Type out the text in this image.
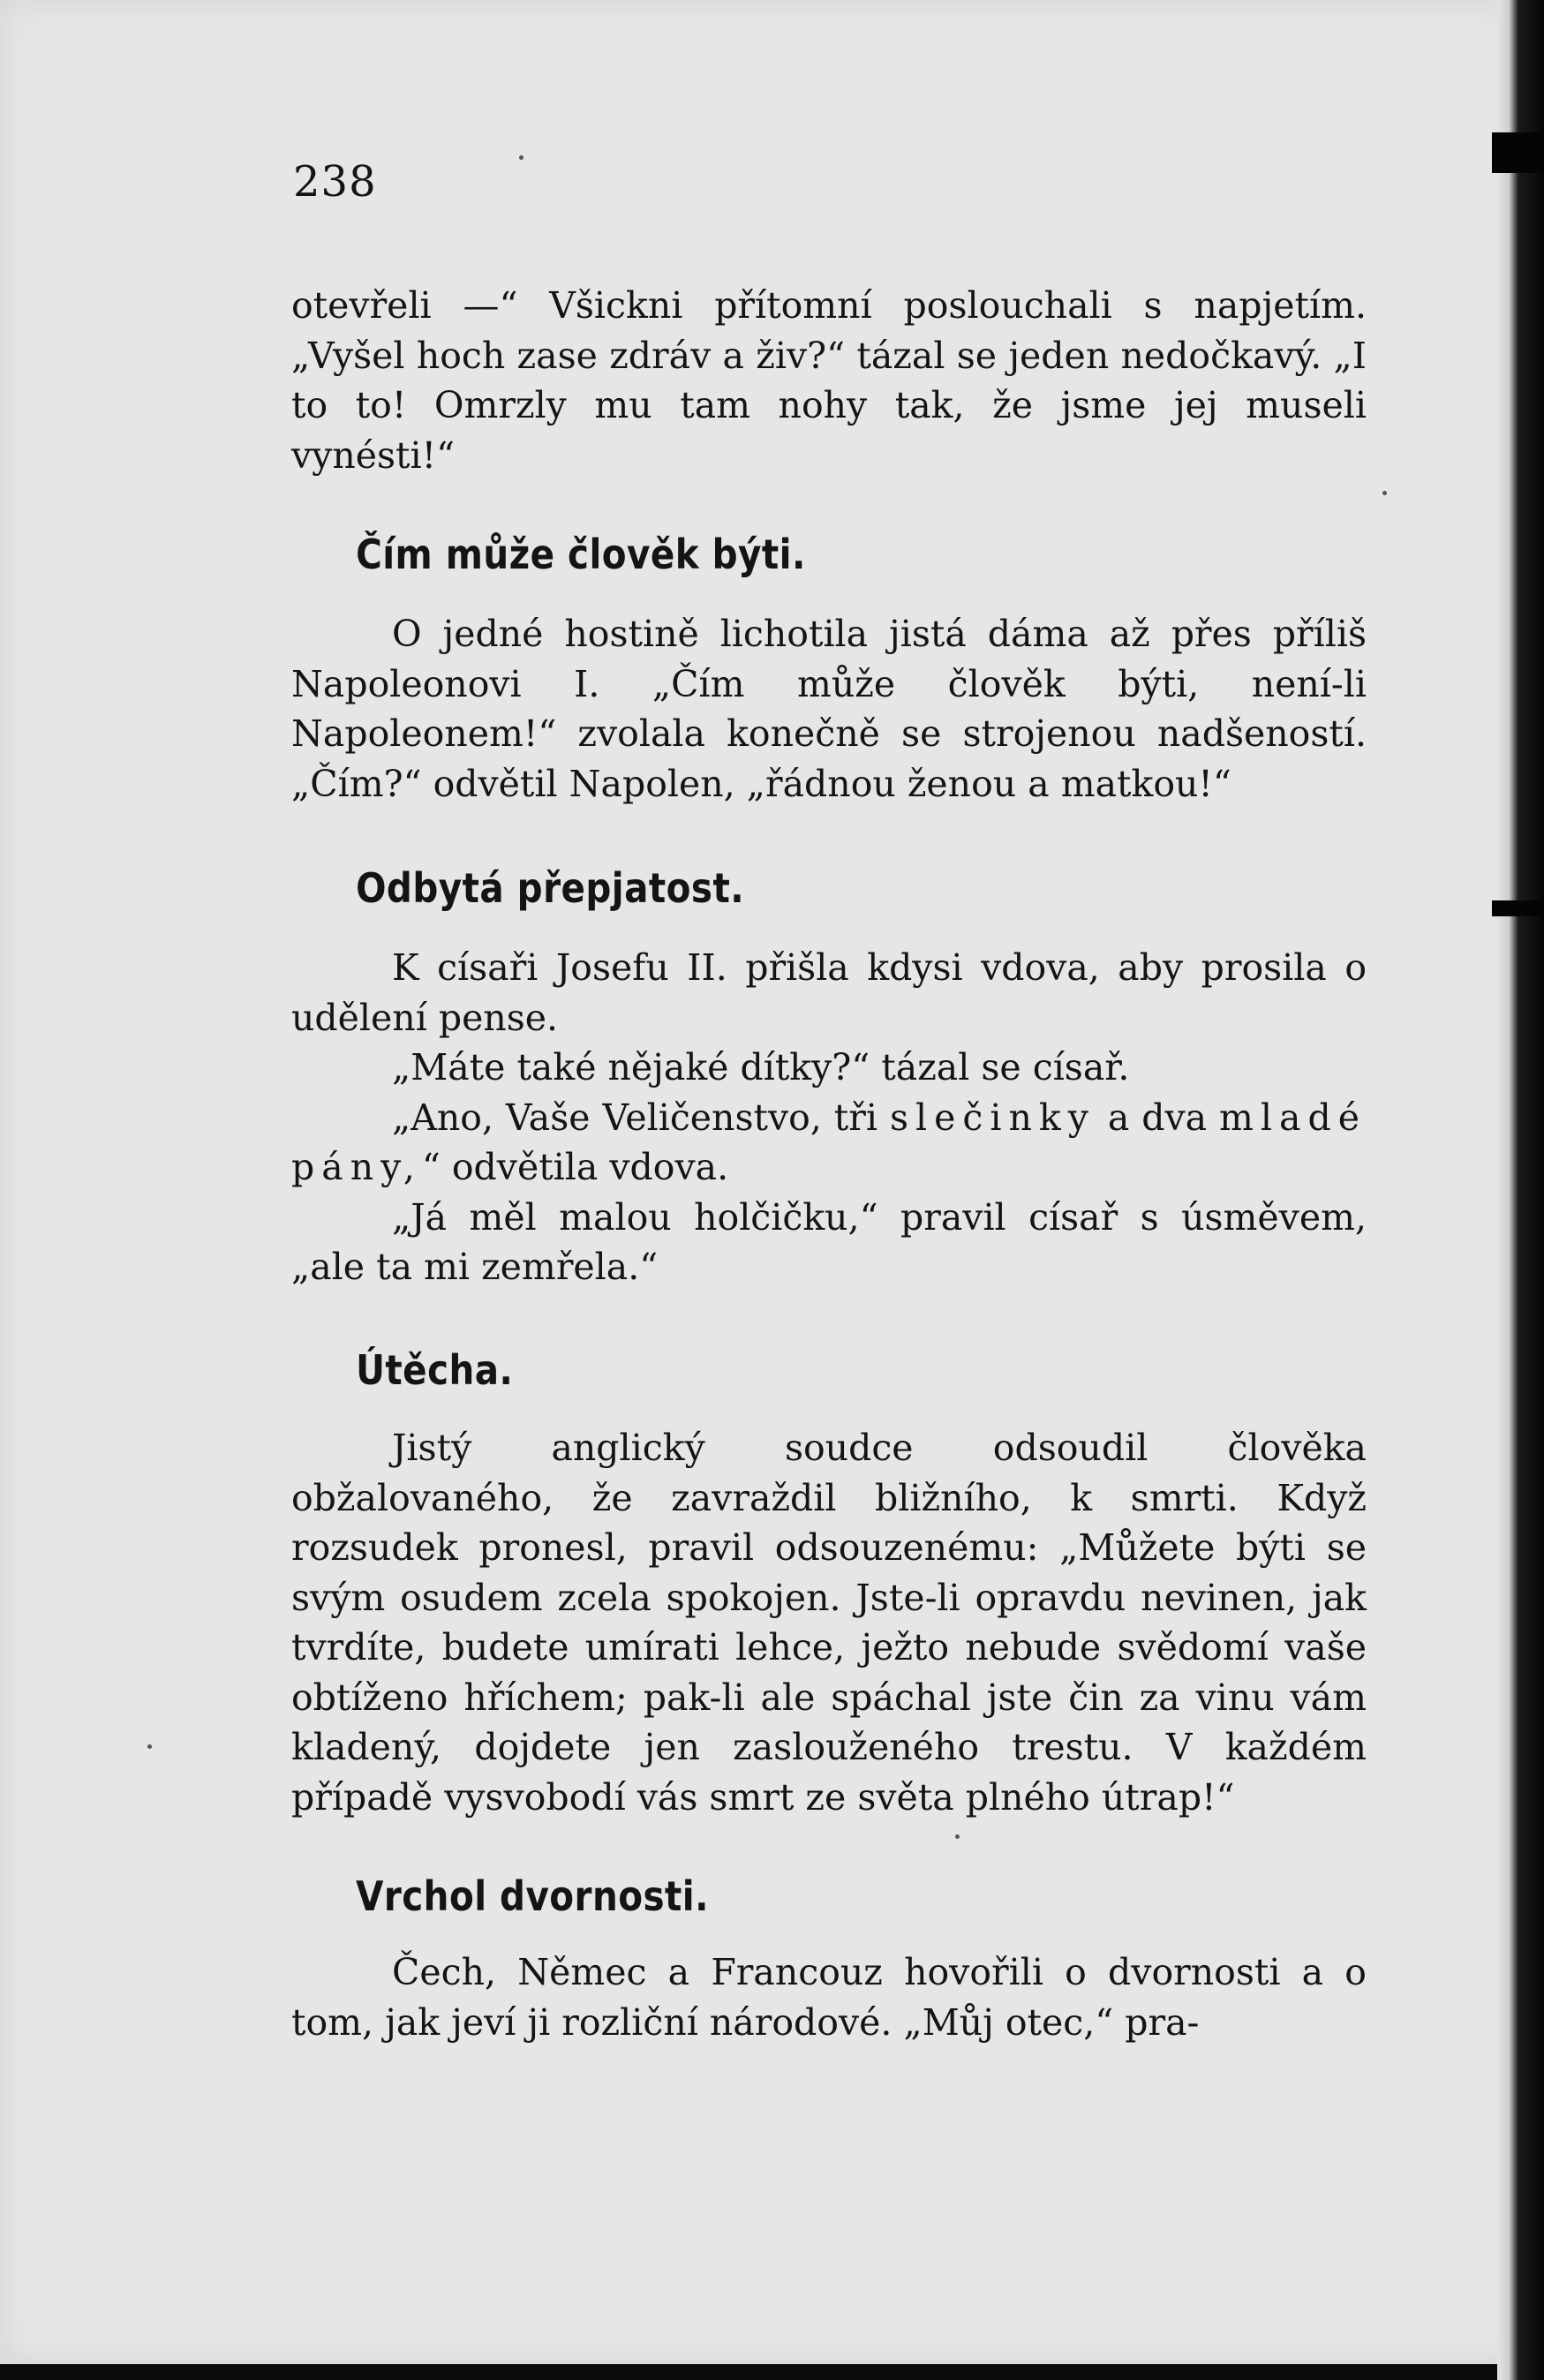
238

otevřeli —“ Všickni přítomní poslouchali s napjetím. „Vyšel hoch zase zdráv a živ?“ tázal se jeden nedočkavý. „I to to! Omrzly mu tam nohy tak, že jsme jej museli vynésti!“

Čím může člověk býti.

O jedné hostině lichotila jistá dáma až přes příliš Napoleonovi I. „Čím může člověk býti, není-li Napoleonem!“ zvolala konečně se strojenou nadšeností. „Čím?“ odvětil Napolen, „řádnou ženou a matkou!“

Odbytá přepjatost.

K císaři Josefu II. přišla kdysi vdova, aby prosila o udělení pense.

„Máte také nějaké dítky?“ tázal se císař.

„Ano, Vaše Veličenstvo, tři slečinky a dva mladé pány,“ odvětila vdova.

„Já měl malou holčičku,“ pravil císař s úsměvem, „ale ta mi zemřela.“

Útěcha.

Jistý anglický soudce odsoudil člověka obžalovaného, že zavraždil bližního, k smrti. Když rozsudek pronesl, pravil odsouzenému: „Můžete býti se svým osudem zcela spokojen. Jste-li opravdu nevinen, jak tvrdíte, budete umírati lehce, ježto nebude svědomí vaše obtíženo hříchem; pak-li ale spáchal jste čin za vinu vám kladený, dojdete jen zaslouženého trestu. V každém případě vysvobodí vás smrt ze světa plného útrap!“

Vrchol dvornosti.

Čech, Němec a Francouz hovořili o dvornosti a o tom, jak jeví ji rozliční národové. „Můj otec,“ pra-
